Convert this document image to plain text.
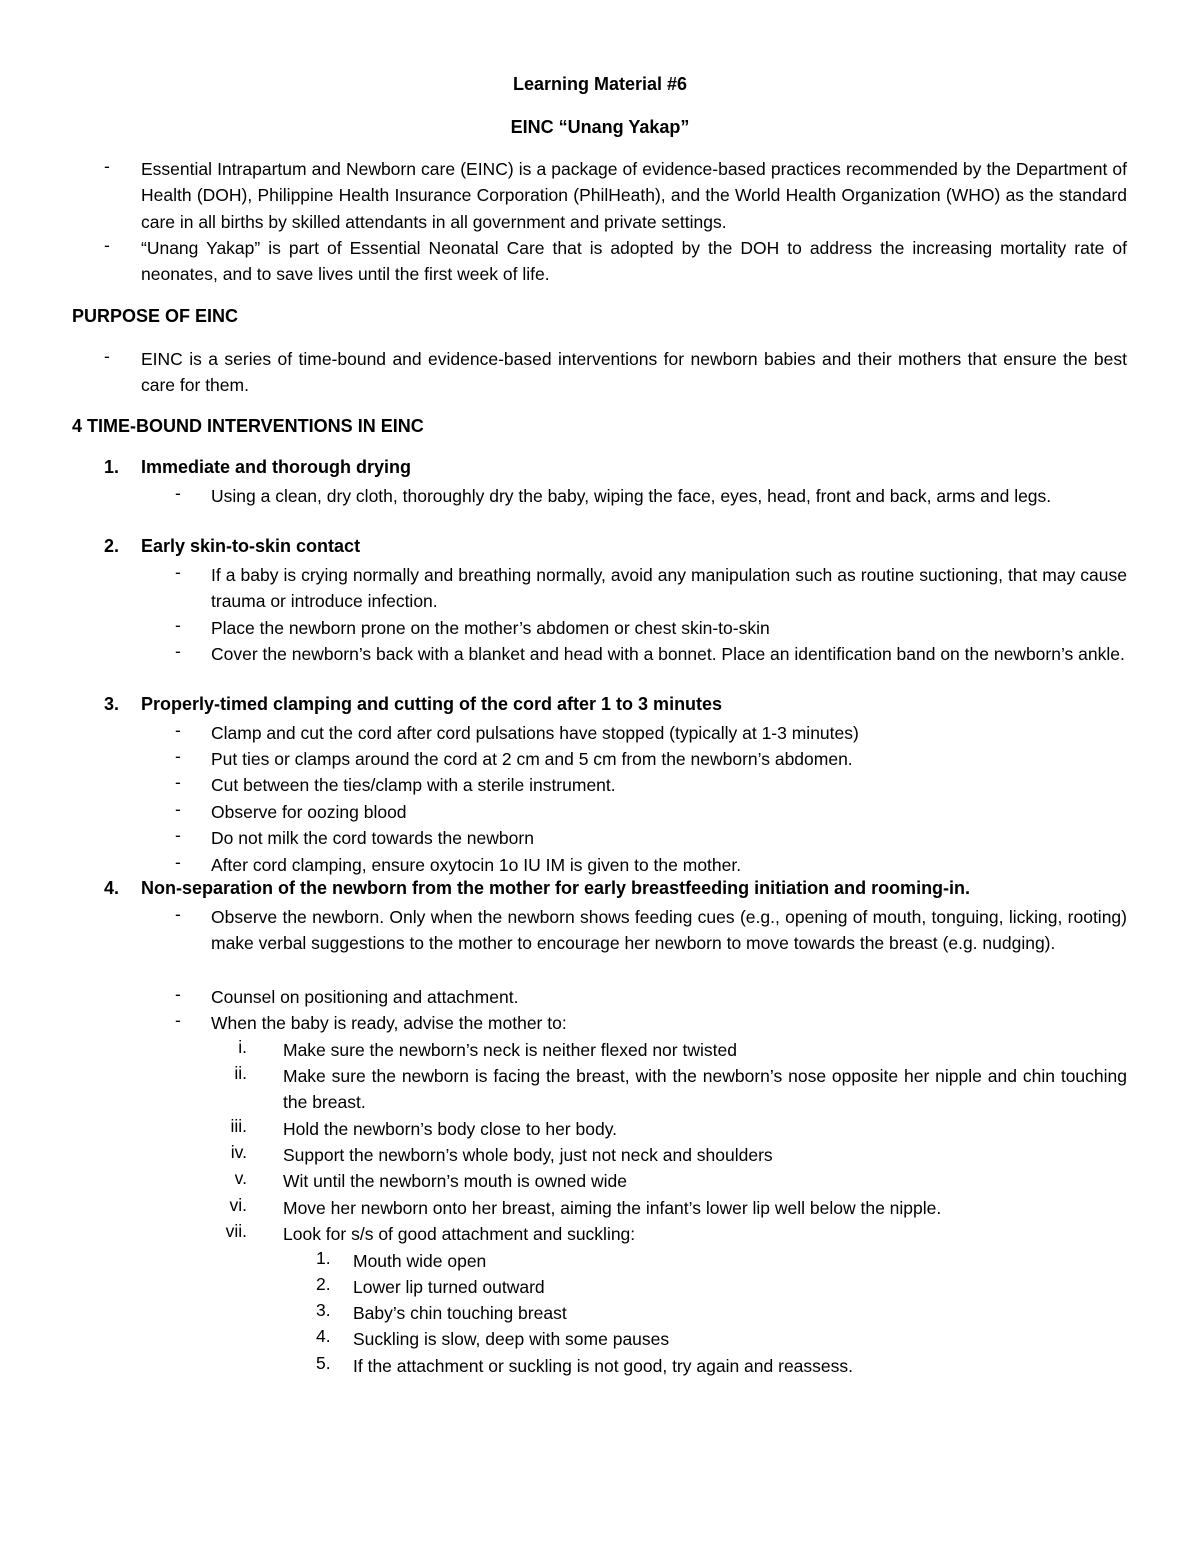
Learning Material #6

EINC “Unang Yakap”

- Essential Intrapartum and Newborn care (EINC) is a package of evidence-based practices recommended by the Department of Health (DOH), Philippine Health Insurance Corporation (PhilHeath), and the World Health Organization (WHO) as the standard care in all births by skilled attendants in all government and private settings.
- “Unang Yakap” is part of Essential Neonatal Care that is adopted by the DOH to address the increasing mortality rate of neonates, and to save lives until the first week of life.

PURPOSE OF EINC

- EINC is a series of time-bound and evidence-based interventions for newborn babies and their mothers that ensure the best care for them.

4 TIME-BOUND INTERVENTIONS IN EINC

1. Immediate and thorough drying
- Using a clean, dry cloth, thoroughly dry the baby, wiping the face, eyes, head, front and back, arms and legs.
2. Early skin-to-skin contact
- If a baby is crying normally and breathing normally, avoid any manipulation such as routine suctioning, that may cause trauma or introduce infection.
- Place the newborn prone on the mother’s abdomen or chest skin-to-skin
- Cover the newborn’s back with a blanket and head with a bonnet. Place an identification band on the newborn’s ankle.
3. Properly-timed clamping and cutting of the cord after 1 to 3 minutes
- Clamp and cut the cord after cord pulsations have stopped (typically at 1-3 minutes)
- Put ties or clamps around the cord at 2 cm and 5 cm from the newborn’s abdomen.
- Cut between the ties/clamp with a sterile instrument.
- Observe for oozing blood
- Do not milk the cord towards the newborn
- After cord clamping, ensure oxytocin 1o IU IM is given to the mother.
4. Non-separation of the newborn from the mother for early breastfeeding initiation and rooming-in.
- Observe the newborn. Only when the newborn shows feeding cues (e.g., opening of mouth, tonguing, licking, rooting) make verbal suggestions to the mother to encourage her newborn to move towards the breast (e.g. nudging).
- Counsel on positioning and attachment.
- When the baby is ready, advise the mother to:
i. Make sure the newborn’s neck is neither flexed nor twisted
ii. Make sure the newborn is facing the breast, with the newborn’s nose opposite her nipple and chin touching the breast.
iii. Hold the newborn’s body close to her body.
iv. Support the newborn’s whole body, just not neck and shoulders
v. Wit until the newborn’s mouth is owned wide
vi. Move her newborn onto her breast, aiming the infant’s lower lip well below the nipple.
vii. Look for s/s of good attachment and suckling:
1. Mouth wide open
2. Lower lip turned outward
3. Baby’s chin touching breast
4. Suckling is slow, deep with some pauses
5. If the attachment or suckling is not good, try again and reassess.
